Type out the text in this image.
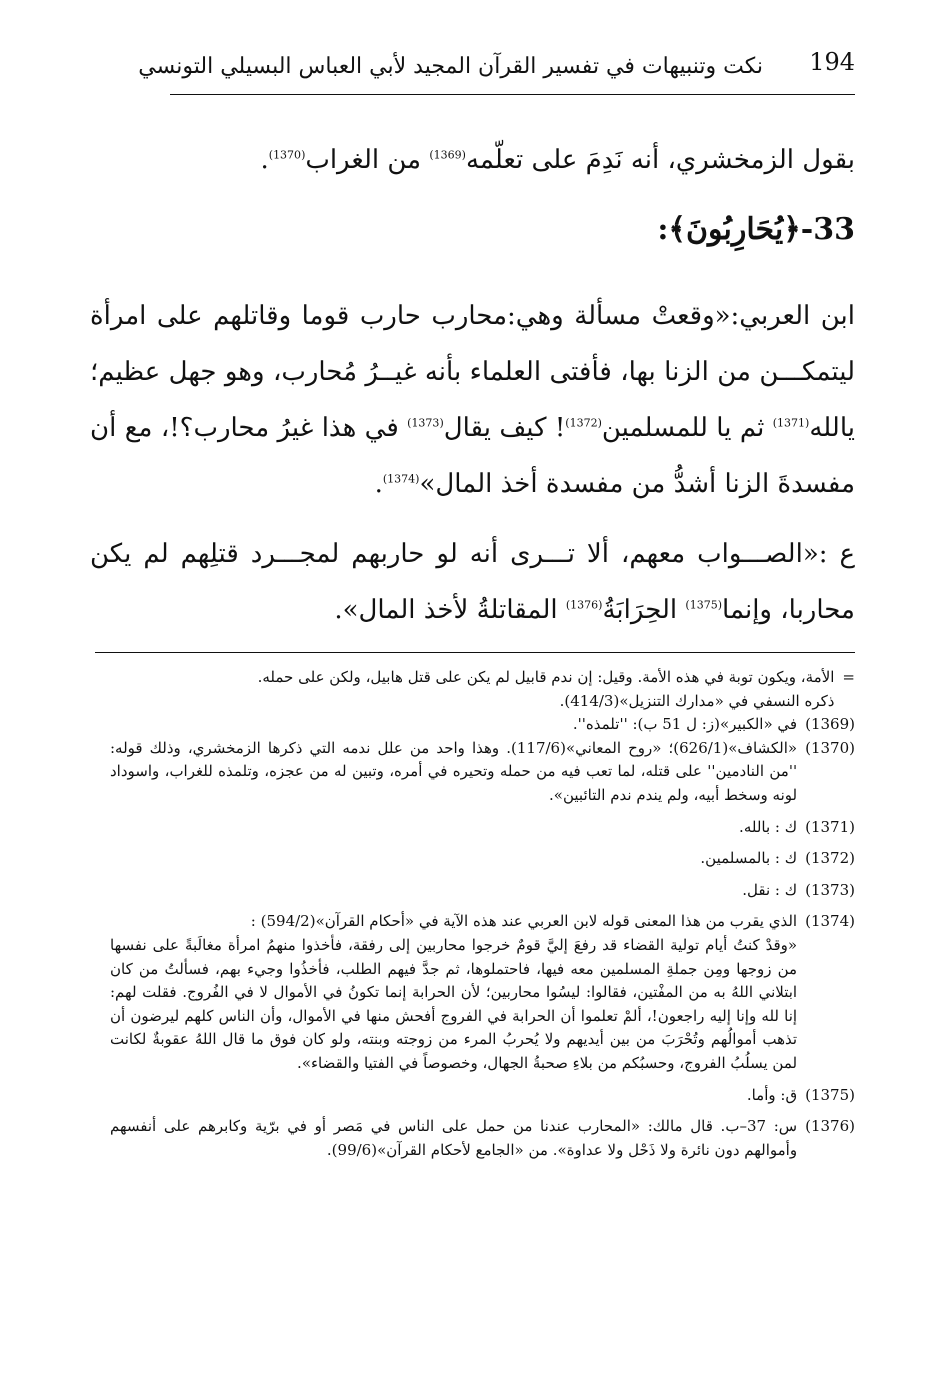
194
نكت وتنبيهات في تفسير القرآن المجيد لأبي العباس البسيلي التونسي

بقول الزمخشري، أنه نَدِمَ على تعلّمه$^{(1369)}$ من الغراب$^{(1370)}$.

33-﴿يُحَارِبُونَ﴾:

ابن العربي:«وقعتْ مسألة وهي:محارب حارب قوما وقاتلهم على امرأة ليتمكـــن من الزنا بها، فأفتى العلماء بأنه غيــرُ مُحارب، وهو جهل عظيم؛ يالله$^{(1371)}$ ثم يا للمسلمين$^{(1372)}$! كيف يقال$^{(1373)}$ في هذا غيرُ محارب؟!، مع أن مفسدةَ الزنا أشدُّ من مفسدة أخذ المال»$^{(1374)}$.

ع :«الصـــواب معهم، ألا تـــرى أنه لو حاربهم لمجـــرد قتلِهم لم يكن محاربا، وإنما$^{(1375)}$ الحِرَابَةُ$^{(1376)}$ المقاتلةُ لأخذ المال».

=

الأمة، ويكون توبة في هذه الأمة. وقيل: إن ندم قابيل لم يكن على قتل هابيل، ولكن على حمله.

ذكره النسفي في «مدارك التنزيل»(414/3).

(1369)

في «الكبير»(ز: ل 51 ب): ''تلمذه''.

(1370)

«الكشاف»(626/1)؛ «روح المعاني»(117/6). وهذا واحد من علل ندمه التي ذكرها الزمخشري، وذلك قوله: ''من النادمين'' على قتله، لما تعب فيه من حمله وتحيره في أمره، وتبين له من عجزه، وتلمذه للغراب، واسوداد لونه وسخط أبيه، ولم يندم ندم التائبين».

(1371)

ك : بالله.

(1372)

ك : بالمسلمين.

(1373)

ك : نقل.

(1374)

الذي يقرب من هذا المعنى قوله لابن العربي عند هذه الآية في «أحكام القرآن»(594/2) :

«وقدْ كنتُ أيام تولية القضاء قد رفعَ إليَّ قومٌ خرجوا محاربين إلى رفقة، فأخذوا منهمُ امرأة مغالَبةً على نفسها من زوجها ومِن جملةِ المسلمين معه فيها، فاحتملوها، ثم جدَّ فيهم الطلب، فأخذُوا وجيء بهم، فسألتُ من كان ابتلاني اللهُ به من المفْتين، فقالوا: ليسُوا محاربين؛ لأن الحرابة إنما تكونُ في الأموال لا في الفُروج. فقلت لهم: إنا لله وإنا إليه راجعون!، ألمْ تعلموا أن الحرابة في الفروج أفحش منها في الأموال، وأن الناس كلهم ليرضون أن تذهب أموالُهم وتُحْرَبَ من بين أيديهم ولا يُحربُ المرء من زوجته وبنته، ولو كان فوق ما قال اللهُ عقوبةٌ لكانت لمن يسلُبُ الفروج، وحسبُكم من بلاءِ صحبةُ الجهال، وخصوصاً في الفتيا والقضاء».

(1375)

ق: وأما.

(1376)

س: 37–ب. قال مالك: «المحارب عندنا من حمل على الناس في مَصر أو في برّية وكابرهم على أنفسهم وأموالهم دون نائرة ولا ذَحْل ولا عداوة». من «الجامع لأحكام القرآن»(99/6).
